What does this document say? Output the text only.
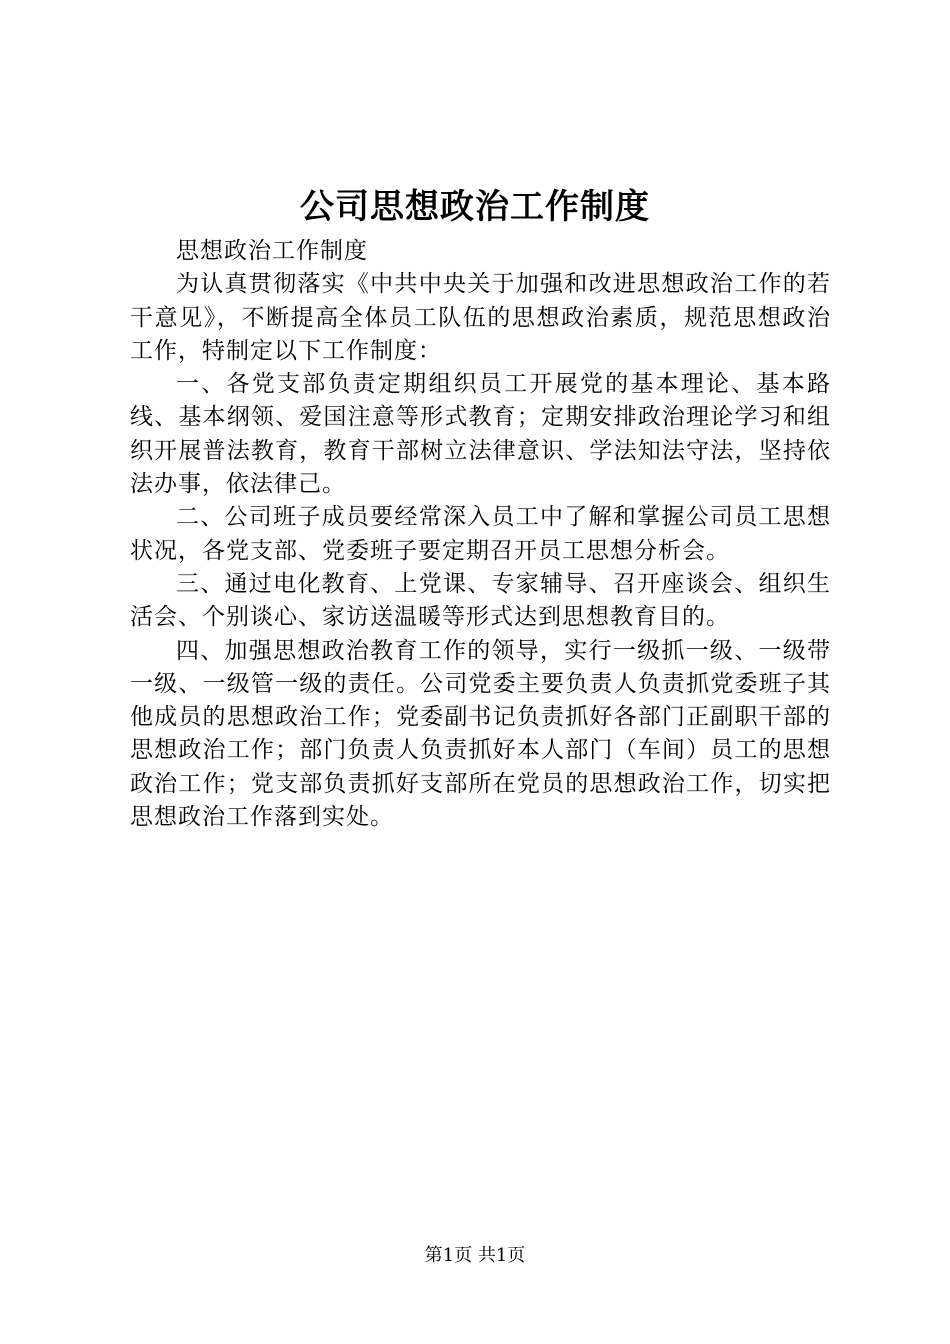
公司思想政治工作制度

思想政治工作制度

为认真贯彻落实《中共中央关于加强和改进思想政治工作的若干意见》，不断提高全体员工队伍的思想政治素质，规范思想政治工作，特制定以下工作制度：

一、各党支部负责定期组织员工开展党的基本理论、基本路线、基本纲领、爱国注意等形式教育；定期安排政治理论学习和组织开展普法教育，教育干部树立法律意识、学法知法守法，坚持依法办事，依法律己。

二、公司班子成员要经常深入员工中了解和掌握公司员工思想状况，各党支部、党委班子要定期召开员工思想分析会。

三、通过电化教育、上党课、专家辅导、召开座谈会、组织生活会、个别谈心、家访送温暖等形式达到思想教育目的。

四、加强思想政治教育工作的领导，实行一级抓一级、一级带一级、一级管一级的责任。公司党委主要负责人负责抓党委班子其他成员的思想政治工作；党委副书记负责抓好各部门正副职干部的思想政治工作；部门负责人负责抓好本人部门（车间）员工的思想政治工作；党支部负责抓好支部所在党员的思想政治工作，切实把思想政治工作落到实处。

第1页 共1页
